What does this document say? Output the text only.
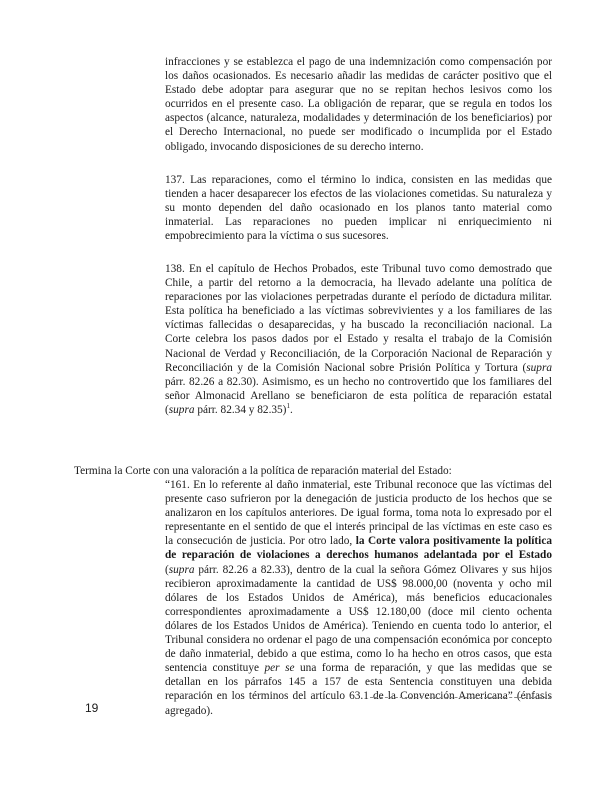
infracciones y se establezca el pago de una indemnización como compensación por los daños ocasionados. Es necesario añadir las medidas de carácter positivo que el Estado debe adoptar para asegurar que no se repitan hechos lesivos como los ocurridos en el presente caso. La obligación de reparar, que se regula en todos los aspectos (alcance, naturaleza, modalidades y determinación de los beneficiarios) por el Derecho Internacional, no puede ser modificado o incumplida por el Estado obligado, invocando disposiciones de su derecho interno.
137. Las reparaciones, como el término lo indica, consisten en las medidas que tienden a hacer desaparecer los efectos de las violaciones cometidas. Su naturaleza y su monto dependen del daño ocasionado en los planos tanto material como inmaterial. Las reparaciones no pueden implicar ni enriquecimiento ni empobrecimiento para la víctima o sus sucesores.
138. En el capítulo de Hechos Probados, este Tribunal tuvo como demostrado que Chile, a partir del retorno a la democracia, ha llevado adelante una política de reparaciones por las violaciones perpetradas durante el período de dictadura militar. Esta política ha beneficiado a las víctimas sobrevivientes y a los familiares de las víctimas fallecidas o desaparecidas, y ha buscado la reconciliación nacional. La Corte celebra los pasos dados por el Estado y resalta el trabajo de la Comisión Nacional de Verdad y Reconciliación, de la Corporación Nacional de Reparación y Reconciliación y de la Comisión Nacional sobre Prisión Política y Tortura (supra párr. 82.26 a 82.30). Asimismo, es un hecho no controvertido que los familiares del señor Almonacid Arellano se beneficiaron de esta política de reparación estatal (supra párr. 82.34 y 82.35)$^1$.
Termina la Corte con una valoración a la política de reparación material del Estado:
“161. En lo referente al daño inmaterial, este Tribunal reconoce que las víctimas del presente caso sufrieron por la denegación de justicia producto de los hechos que se analizaron en los capítulos anteriores. De igual forma, toma nota lo expresado por el representante en el sentido de que el interés principal de las víctimas en este caso es la consecución de justicia. Por otro lado, la Corte valora positivamente la política de reparación de violaciones a derechos humanos adelantada por el Estado (supra párr. 82.26 a 82.33), dentro de la cual la señora Gómez Olivares y sus hijos recibieron aproximadamente la cantidad de US$ 98.000,00 (noventa y ocho mil dólares de los Estados Unidos de América), más beneficios educacionales correspondientes aproximadamente a US$ 12.180,00 (doce mil ciento ochenta dólares de los Estados Unidos de América). Teniendo en cuenta todo lo anterior, el Tribunal considera no ordenar el pago de una compensación económica por concepto de daño inmaterial, debido a que estima, como lo ha hecho en otros casos, que esta sentencia constituye per se una forma de reparación, y que las medidas que se detallan en los párrafos 145 a 157 de esta Sentencia constituyen una debida reparación en los términos del artículo 63.1 de la Convención Americana” (énfasis agregado).
19
